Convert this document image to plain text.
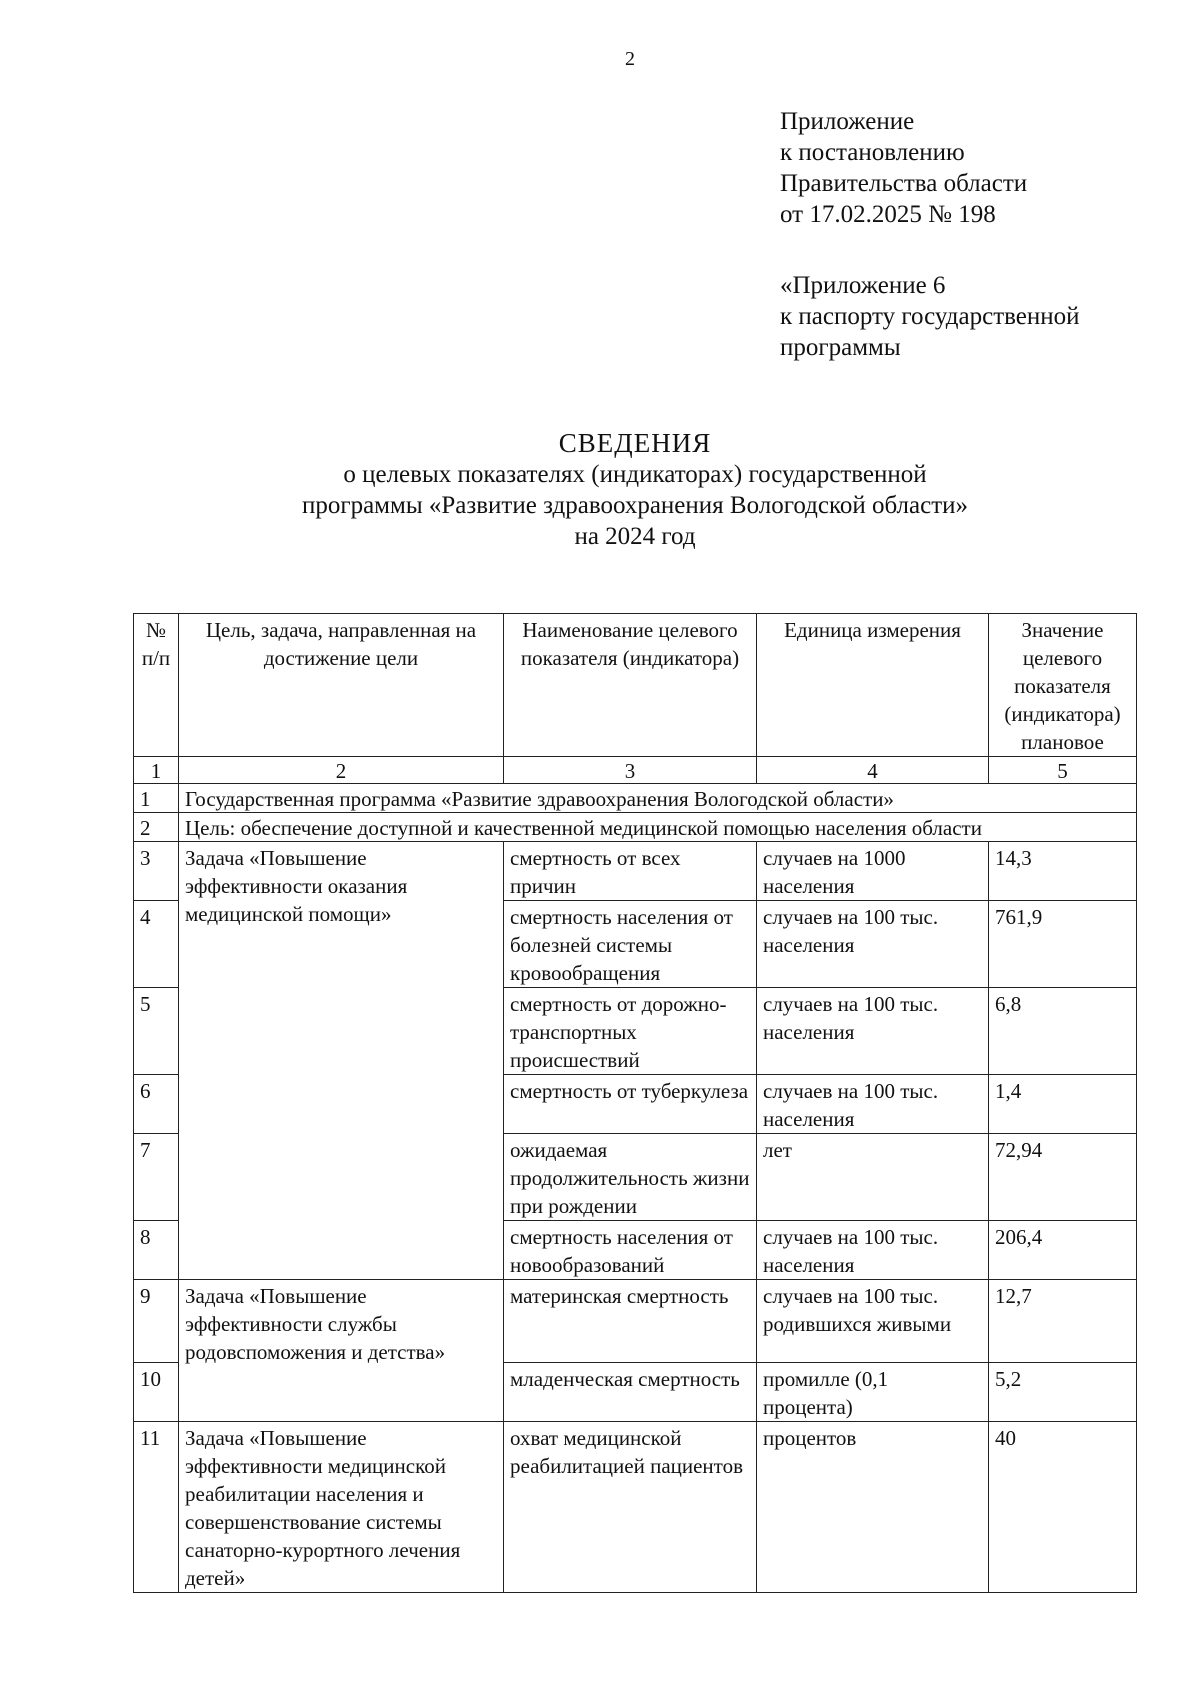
2
Приложение
к постановлению
Правительства области
от 17.02.2025 № 198
«Приложение 6
к паспорту государственной
программы
СВЕДЕНИЯ
о целевых показателях (индикаторах) государственной
программы «Развитие здравоохранения Вологодской области»
на 2024 год
№ п/п	Цель, задача, направленная на достижение цели	Наименование целевого показателя (индикатора)	Единица измерения	Значение целевого показателя (индикатора) плановое
1	2	3	4	5
1	Государственная программа «Развитие здравоохранения Вологодской области»			
2	Цель: обеспечение доступной и качественной медицинской помощью населения области			
3	Задача «Повышение эффективности оказания медицинской помощи»	смертность от всех причин	случаев на 1000 населения	14,3
4		смертность населения от болезней системы кровообращения	случаев на 100 тыс. населения	761,9
5		смертность от дорожно-транспортных происшествий	случаев на 100 тыс. населения	6,8
6		смертность от туберкулеза	случаев на 100 тыс. населения	1,4
7		ожидаемая продолжительность жизни при рождении	лет	72,94
8		смертность населения от новообразований	случаев на 100 тыс. населения	206,4
9	Задача «Повышение эффективности службы родовспоможения и детства»	материнская смертность	случаев на 100 тыс. родившихся живыми	12,7
10		младенческая смертность	промилле (0,1 процента)	5,2
11	Задача «Повышение эффективности медицинской реабилитации населения и совершенствование системы санаторно-курортного лечения детей»	охват медицинской реабилитацией пациентов	процентов	40
